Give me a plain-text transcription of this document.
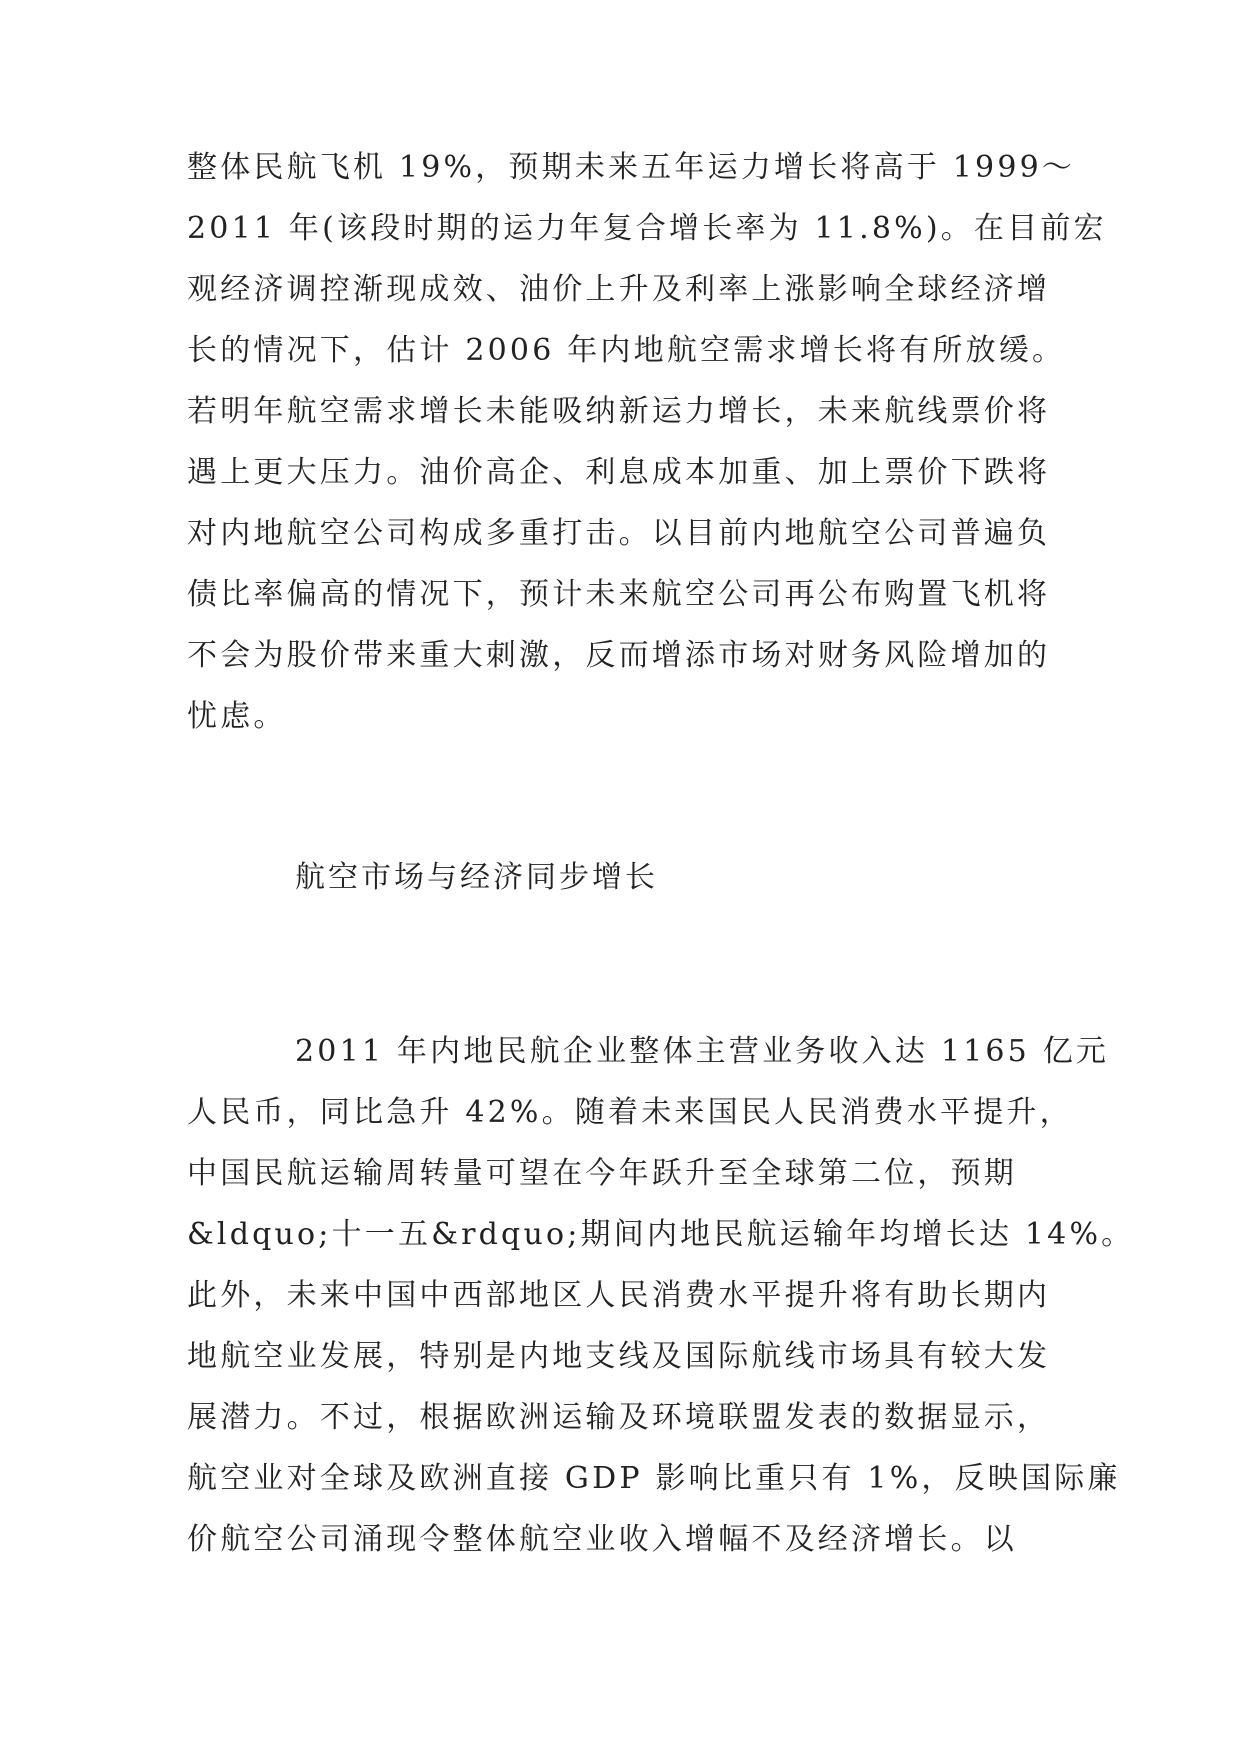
整体民航飞机 19%，预期未来五年运力增长将高于 1999～
2011 年(该段时期的运力年复合增长率为 11.8%)。在目前宏
观经济调控渐现成效、油价上升及利率上涨影响全球经济增
长的情况下，估计 2006 年内地航空需求增长将有所放缓。
若明年航空需求增长未能吸纳新运力增长，未来航线票价将
遇上更大压力。油价高企、利息成本加重、加上票价下跌将
对内地航空公司构成多重打击。以目前内地航空公司普遍负
债比率偏高的情况下，预计未来航空公司再公布购置飞机将
不会为股价带来重大刺激，反而增添市场对财务风险增加的
忧虑。
航空市场与经济同步增长
2011 年内地民航企业整体主营业务收入达 1165 亿元
人民币，同比急升 42%。随着未来国民人民消费水平提升，
中国民航运输周转量可望在今年跃升至全球第二位，预期
&ldquo;十一五&rdquo;期间内地民航运输年均增长达 14%。
此外，未来中国中西部地区人民消费水平提升将有助长期内
地航空业发展，特别是内地支线及国际航线市场具有较大发
展潜力。不过，根据欧洲运输及环境联盟发表的数据显示，
航空业对全球及欧洲直接 GDP 影响比重只有 1%，反映国际廉
价航空公司涌现令整体航空业收入增幅不及经济增长。以
